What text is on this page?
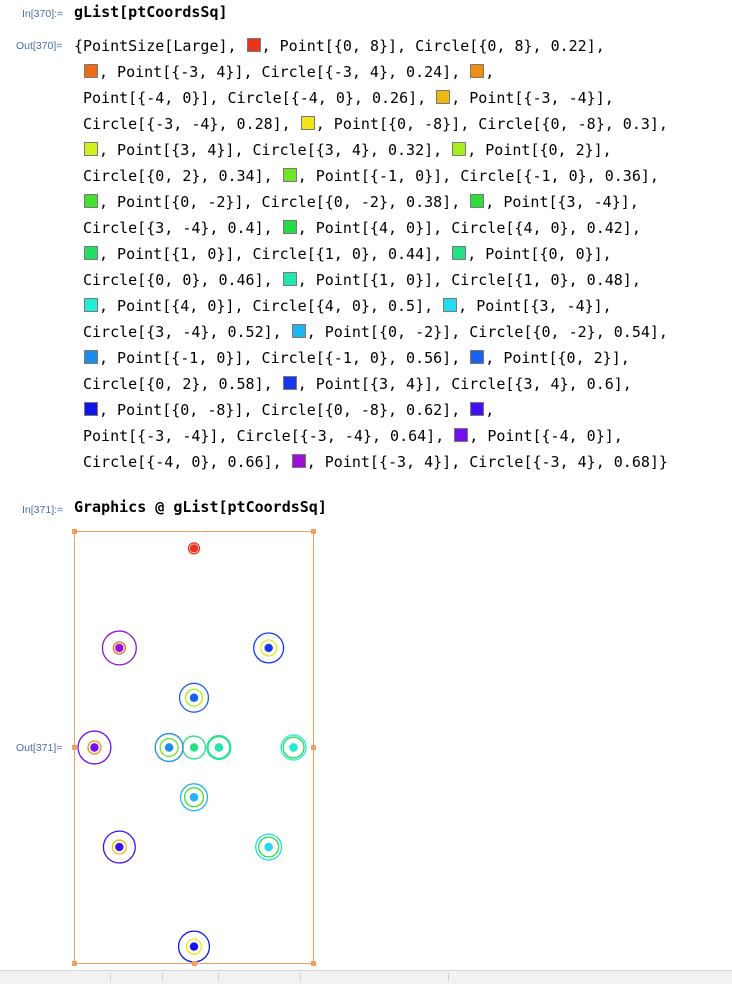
In[370]:= gList[ptCoordsSq]
Out[370]= {PointSize[Large], , Point[{0, 8}], Circle[{0, 8}, 0.22],
, Point[{-3, 4}], Circle[{-3, 4}, 0.24], ,
Point[{-4, 0}], Circle[{-4, 0}, 0.26], , Point[{-3, -4}],
Circle[{-3, -4}, 0.28], , Point[{0, -8}], Circle[{0, -8}, 0.3],
, Point[{3, 4}], Circle[{3, 4}, 0.32], , Point[{0, 2}],
Circle[{0, 2}, 0.34], , Point[{-1, 0}], Circle[{-1, 0}, 0.36],
, Point[{0, -2}], Circle[{0, -2}, 0.38], , Point[{3, -4}],
Circle[{3, -4}, 0.4], , Point[{4, 0}], Circle[{4, 0}, 0.42],
, Point[{1, 0}], Circle[{1, 0}, 0.44], , Point[{0, 0}],
Circle[{0, 0}, 0.46], , Point[{1, 0}], Circle[{1, 0}, 0.48],
, Point[{4, 0}], Circle[{4, 0}, 0.5], , Point[{3, -4}],
Circle[{3, -4}, 0.52], , Point[{0, -2}], Circle[{0, -2}, 0.54],
, Point[{-1, 0}], Circle[{-1, 0}, 0.56], , Point[{0, 2}],
Circle[{0, 2}, 0.58], , Point[{3, 4}], Circle[{3, 4}, 0.6],
, Point[{0, -8}], Circle[{0, -8}, 0.62], ,
Point[{-3, -4}], Circle[{-3, -4}, 0.64], , Point[{-4, 0}],
Circle[{-4, 0}, 0.66], , Point[{-3, 4}], Circle[{-3, 4}, 0.68]}
In[371]:= Graphics @ gList[ptCoordsSq]
Out[371]=
